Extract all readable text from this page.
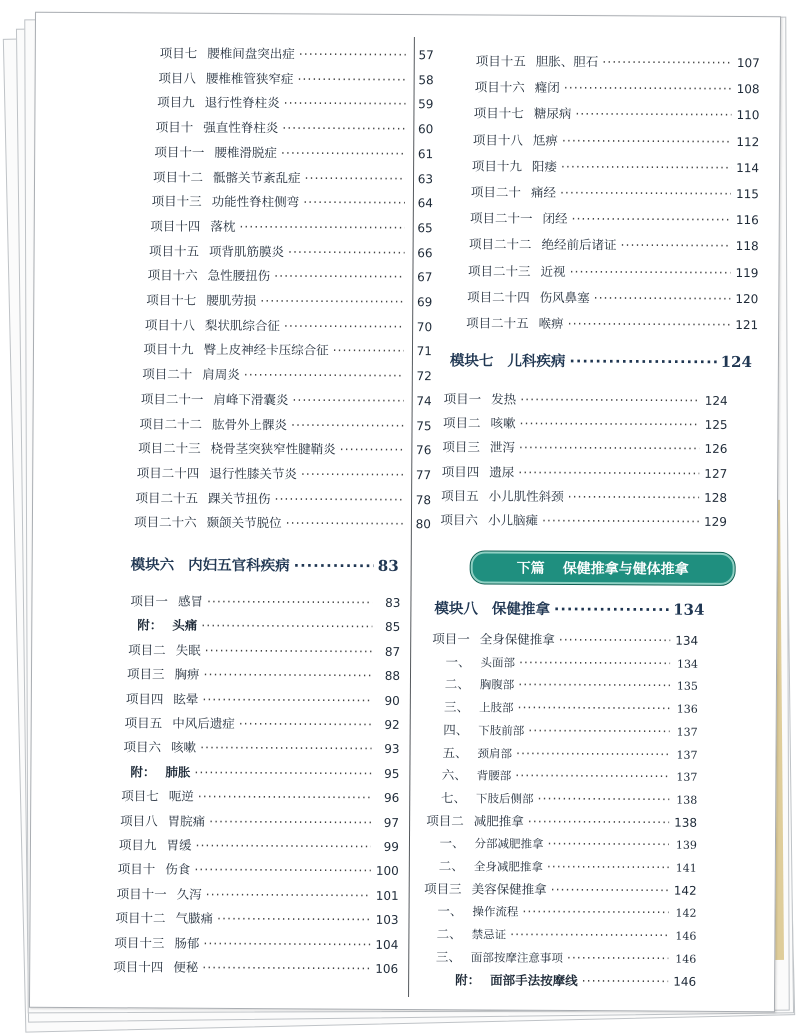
项目七 腰椎间盘突出症 ·····	57
项目八 腰椎椎管狭窄症 ·····	58
项目九 退行性脊柱炎 ·····	59
项目十 强直性脊柱炎 ·····	60
项目十一 腰椎滑脱症 ·····	61
项目十二 骶髂关节紊乱症 ·····	63
项目十三 功能性脊柱侧弯 ·····	64
项目十四 落枕 ·····	65
项目十五 项背肌筋膜炎 ·····	66
项目十六 急性腰扭伤 ·····	67
项目十七 腰肌劳损 ·····	69
项目十八 梨状肌综合征 ·····	70
项目十九 臀上皮神经卡压综合征 ·····	71
项目二十 肩周炎 ·····	72
项目二十一 肩峰下滑囊炎 ·····	74
项目二十二 肱骨外上髁炎 ·····	75
项目二十三 桡骨茎突狭窄性腱鞘炎 ·····	76
项目二十四 退行性膝关节炎 ·····	77
项目二十五 踝关节扭伤 ·····	78
项目二十六 颞颌关节脱位 ·····	80
模块六 内妇五官科疾病 ·····	83
项目一 感冒 ·····	83
附： 头痛 ·····	85
项目二 失眠 ·····	87
项目三 胸痹 ·····	88
项目四 眩晕 ·····	90
项目五 中风后遗症 ·····	92
项目六 咳嗽 ·····	93
附： 肺胀 ·····	95
项目七 呃逆 ·····	96
项目八 胃脘痛 ·····	97
项目九 胃缓 ·····	99
项目十 伤食 ·····	100
项目十一 久泻 ·····	101
项目十二 气臌痛 ·····	103
项目十三 肠郁 ·····	104
项目十四 便秘 ·····	106
项目十五 胆胀、胆石 ·····	107
项目十六 癃闭 ·····	108
项目十七 糖尿病 ·····	110
项目十八 尪痹 ·····	112
项目十九 阳痿 ·····	114
项目二十 痛经 ·····	115
项目二十一 闭经 ·····	116
项目二十二 绝经前后诸证 ·····	118
项目二十三 近视 ·····	119
项目二十四 伤风鼻塞 ·····	120
项目二十五 喉痹 ·····	121
模块七 儿科疾病 ·····	124
项目一 发热 ·····	124
项目二 咳嗽 ·····	125
项目三 泄泻 ·····	126
项目四 遗尿 ·····	127
项目五 小儿肌性斜颈 ·····	128
项目六 小儿脑瘫 ·····	129
下篇 保健推拿与健体推拿
模块八 保健推拿 ·····	134
项目一 全身保健推拿 ·····	134
一、 头面部 ·····	134
二、 胸腹部 ·····	135
三、 上肢部 ·····	136
四、 下肢前部 ·····	137
五、 颈肩部 ·····	137
六、 背腰部 ·····	137
七、 下肢后侧部 ·····	138
项目二 减肥推拿 ·····	138
一、 分部减肥推拿 ·····	139
二、 全身减肥推拿 ·····	141
项目三 美容保健推拿 ·····	142
一、 操作流程 ·····	142
二、 禁忌证 ·····	146
三、 面部按摩注意事项 ·····	146
附： 面部手法按摩线 ·····	146
